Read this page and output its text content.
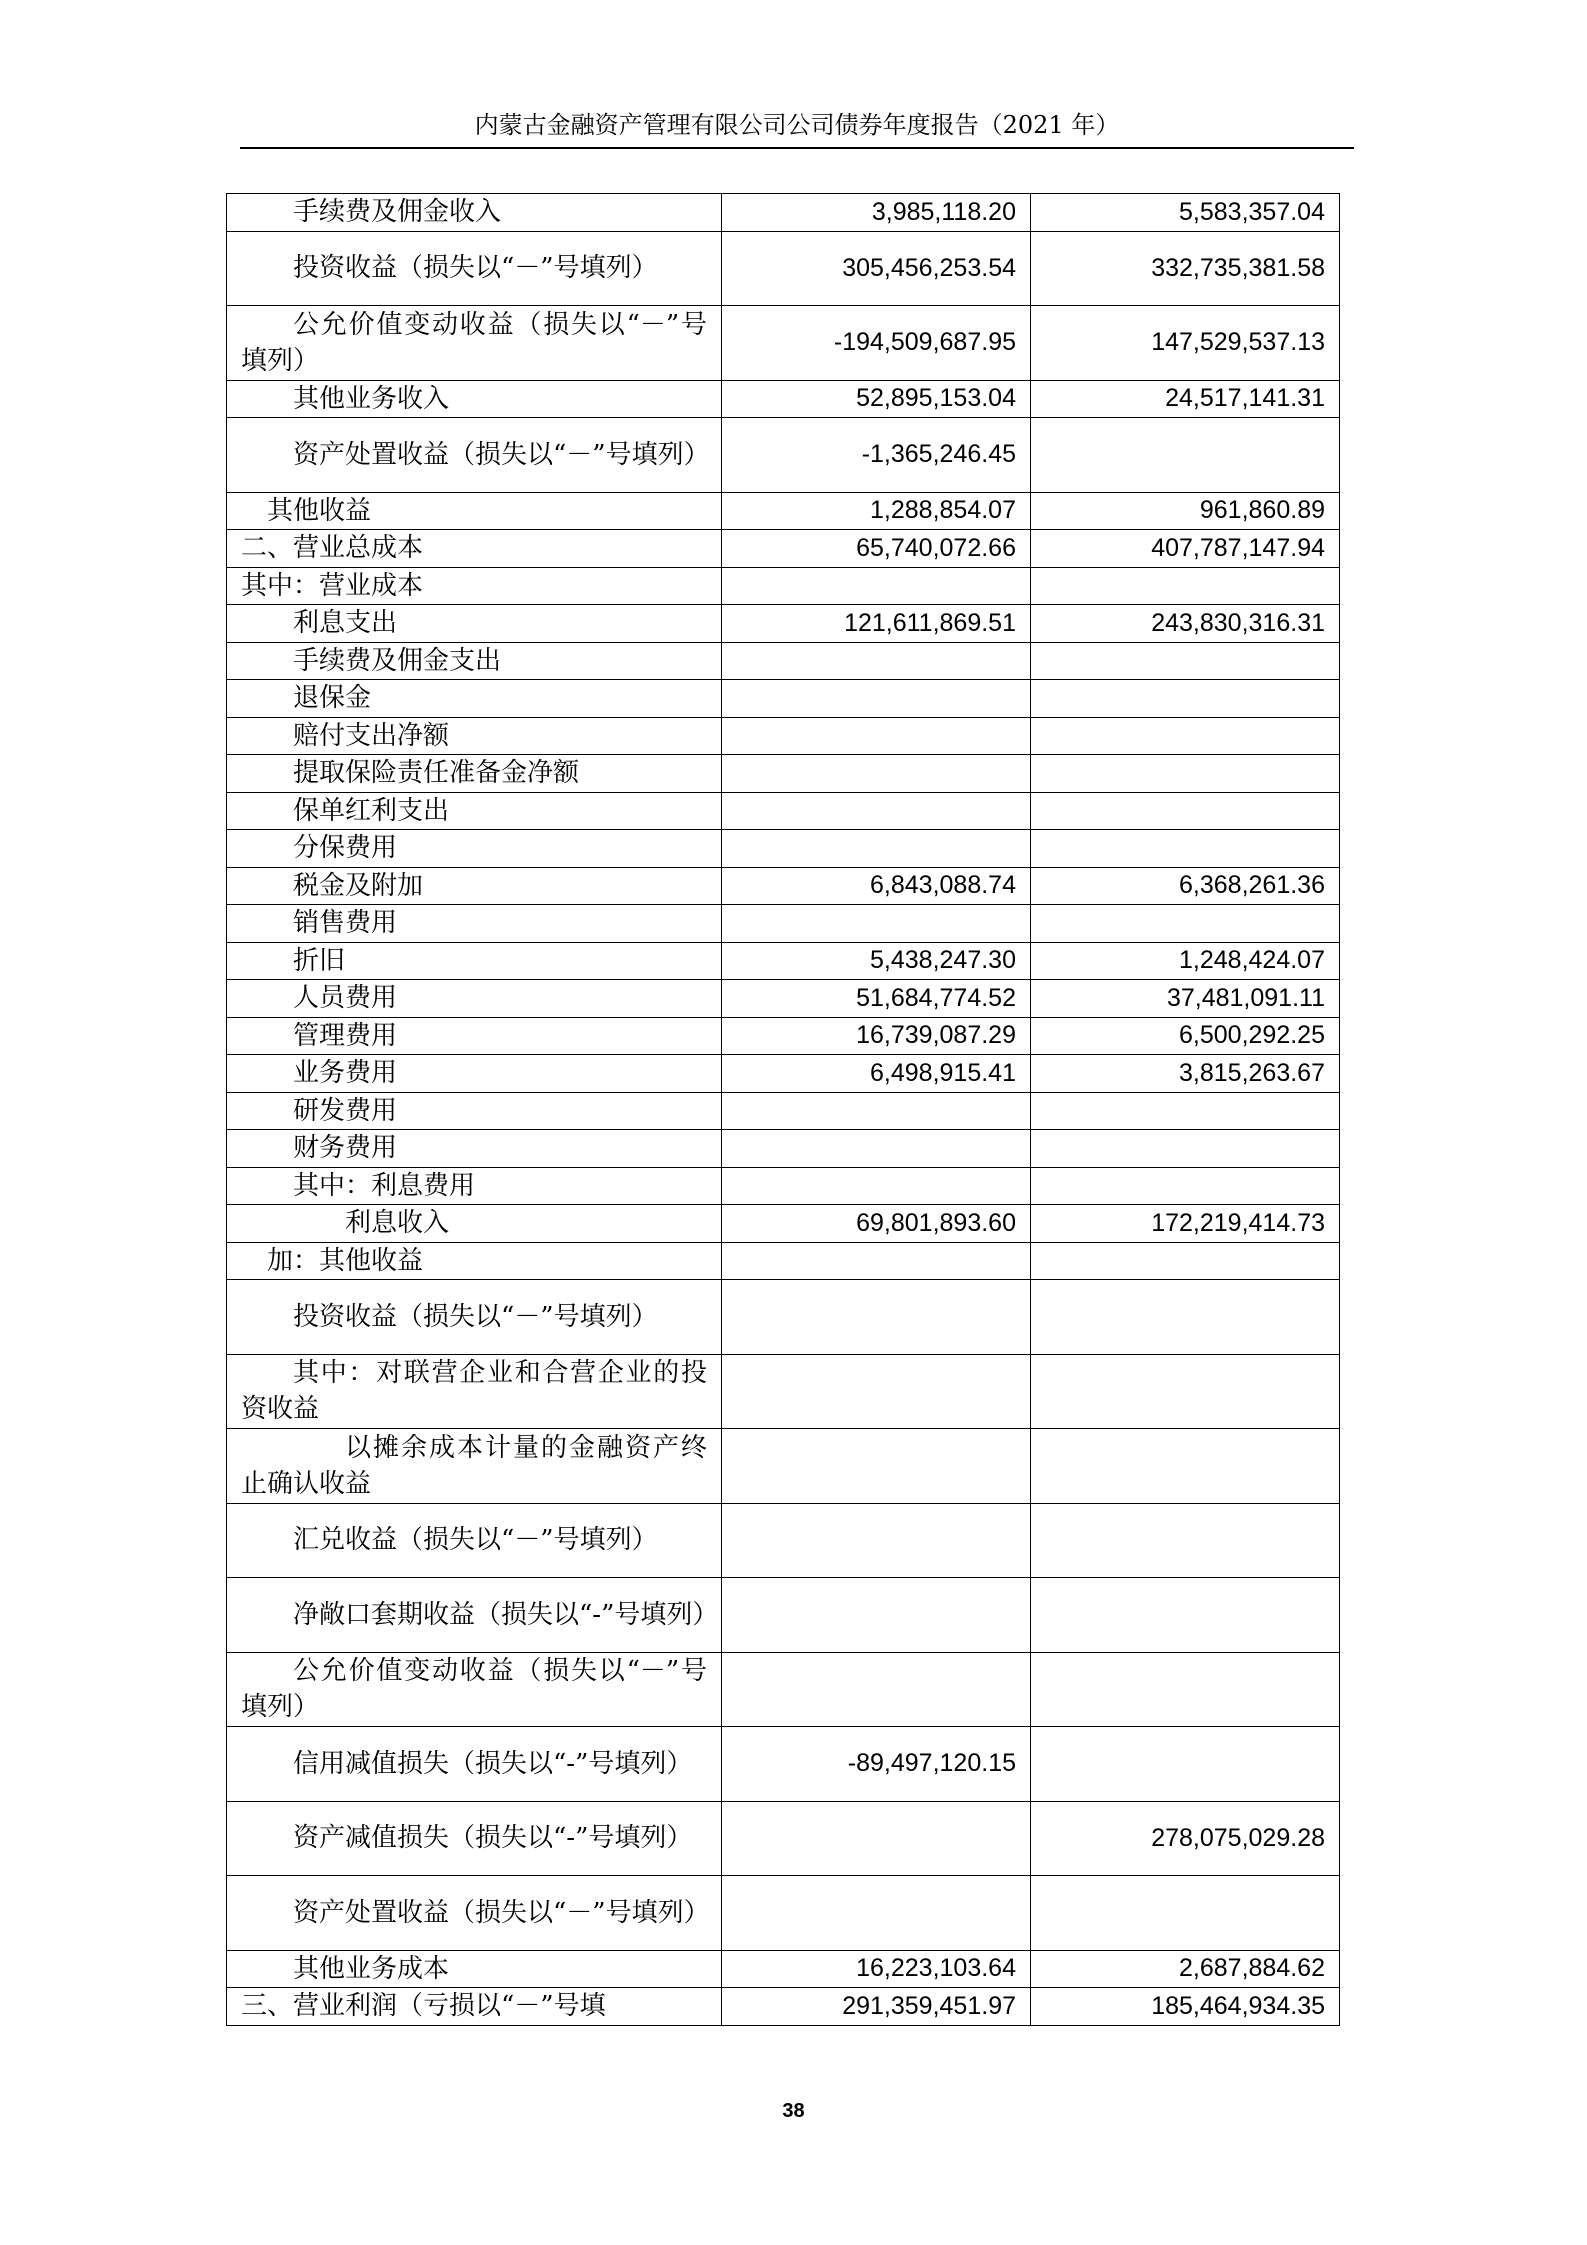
内蒙古金融资产管理有限公司公司债券年度报告（2021 年）
手续费及佣金收入	3,985,118.20	5,583,357.04
投资收益（损失以“－”号填列）	305,456,253.54	332,735,381.58
公允价值变动收益（损失以“－”号填列）	-194,509,687.95	147,529,537.13
其他业务收入	52,895,153.04	24,517,141.31
资产处置收益（损失以“－”号填列）	-1,365,246.45	
其他收益	1,288,854.07	961,860.89
二、营业总成本	65,740,072.66	407,787,147.94
其中：营业成本		
利息支出	121,611,869.51	243,830,316.31
手续费及佣金支出		
退保金		
赔付支出净额		
提取保险责任准备金净额		
保单红利支出		
分保费用		
税金及附加	6,843,088.74	6,368,261.36
销售费用		
折旧	5,438,247.30	1,248,424.07
人员费用	51,684,774.52	37,481,091.11
管理费用	16,739,087.29	6,500,292.25
业务费用	6,498,915.41	3,815,263.67
研发费用		
财务费用		
其中：利息费用		
利息收入	69,801,893.60	172,219,414.73
加：其他收益		
投资收益（损失以“－”号填列）		
其中：对联营企业和合营企业的投资收益		
以摊余成本计量的金融资产终止确认收益		
汇兑收益（损失以“－”号填列）		
净敞口套期收益（损失以“-”号填列）		
公允价值变动收益（损失以“－”号填列）		
信用减值损失（损失以“-”号填列）	-89,497,120.15	
资产减值损失（损失以“-”号填列）		278,075,029.28
资产处置收益（损失以“－”号填列）		
其他业务成本	16,223,103.64	2,687,884.62
三、营业利润（亏损以“－”号填	291,359,451.97	185,464,934.35
38
